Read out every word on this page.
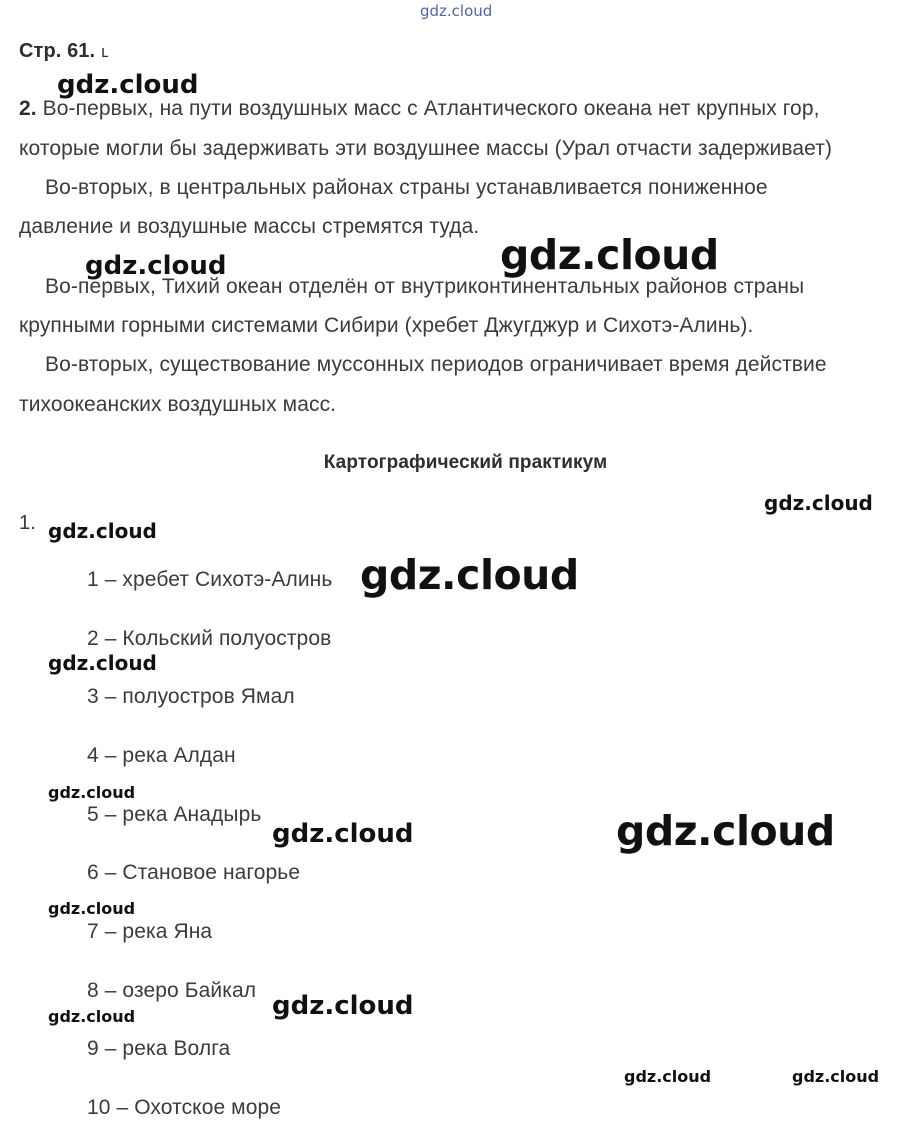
Стр. 61. ւ
2. Во-первых, на пути воздушных масс с Атлантического океана нет крупных гор,
которые могли бы задерживать эти воздушнее массы (Урал отчасти задерживает)
Во-вторых, в центральных районах страны устанавливается пониженное
давление и воздушные массы стремятся туда.
Во-первых, Тихий океан отделён от внутриконтинентальных районов страны
крупными горными системами Сибири (хребет Джугджур и Сихотэ-Алинь).
Во-вторых, существование муссонных периодов ограничивает время действие
тихоокеанских воздушных масс.
Картографический практикум
1.
1 – хребет Сихотэ-Алинь
2 – Кольский полуостров
3 – полуостров Ямал
4 – река Алдан
5 – река Анадырь
6 – Становое нагорье
7 – река Яна
8 – озеро Байкал
9 – река Волга
10 – Охотское море
gdz.cloud
gdz.cloud
gdz.cloud
gdz.cloud
gdz.cloud
gdz.cloud
gdz.cloud
gdz.cloud
gdz.cloud
gdz.cloud
gdz.cloud
gdz.cloud
gdz.cloud
gdz.cloud
gdz.cloud	gdz.cloud
